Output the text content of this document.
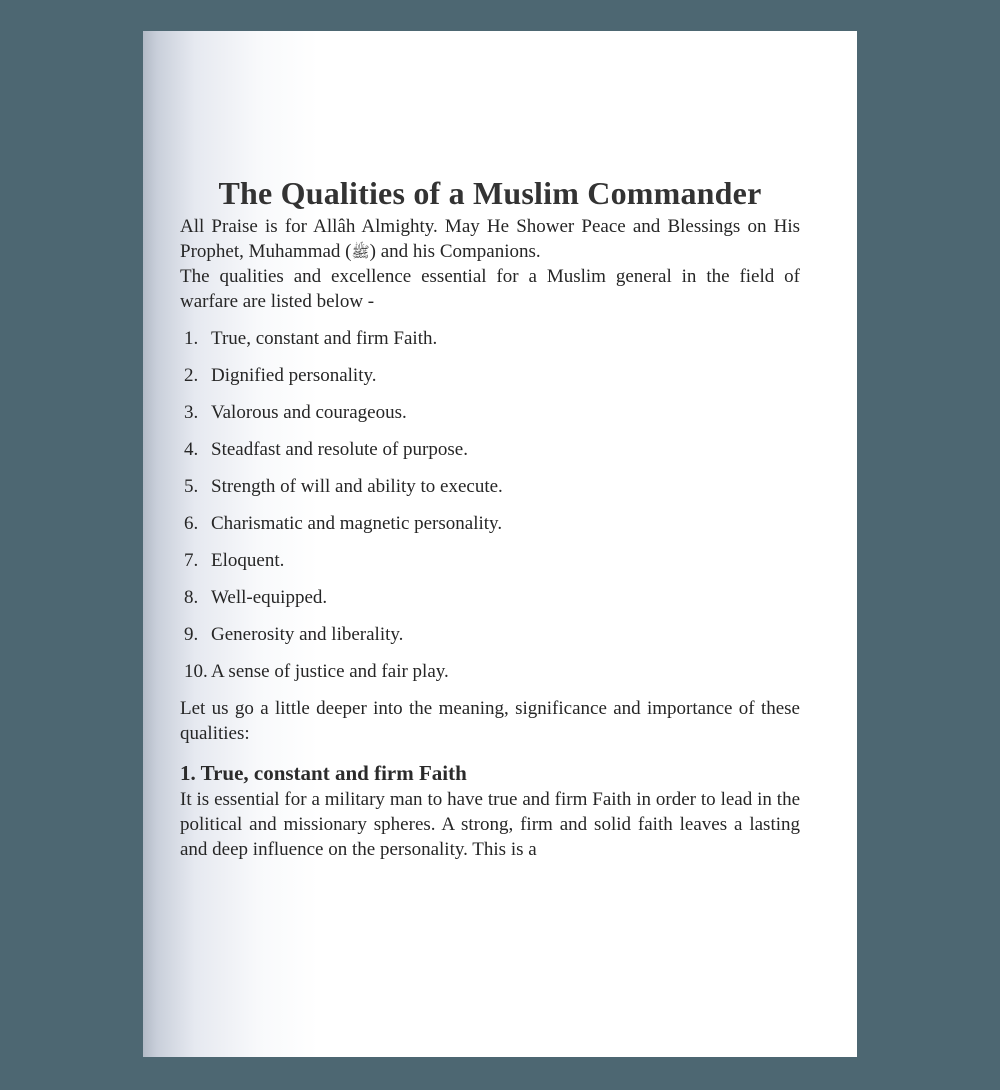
The Qualities of a Muslim Commander

All Praise is for Allâh Almighty. May He Shower Peace and Blessings on His Prophet, Muhammad (ﷺ) and his Companions.

The qualities and excellence essential for a Muslim general in the field of warfare are listed below -

1. True, constant and firm Faith.
2. Dignified personality.
3. Valorous and courageous.
4. Steadfast and resolute of purpose.
5. Strength of will and ability to execute.
6. Charismatic and magnetic personality.
7. Eloquent.
8. Well-equipped.
9. Generosity and liberality.
10. A sense of justice and fair play.

Let us go a little deeper into the meaning, significance and importance of these qualities:

1. True, constant and firm Faith

It is essential for a military man to have true and firm Faith in order to lead in the political and missionary spheres. A strong, firm and solid faith leaves a lasting and deep influence on the personality. This is a
